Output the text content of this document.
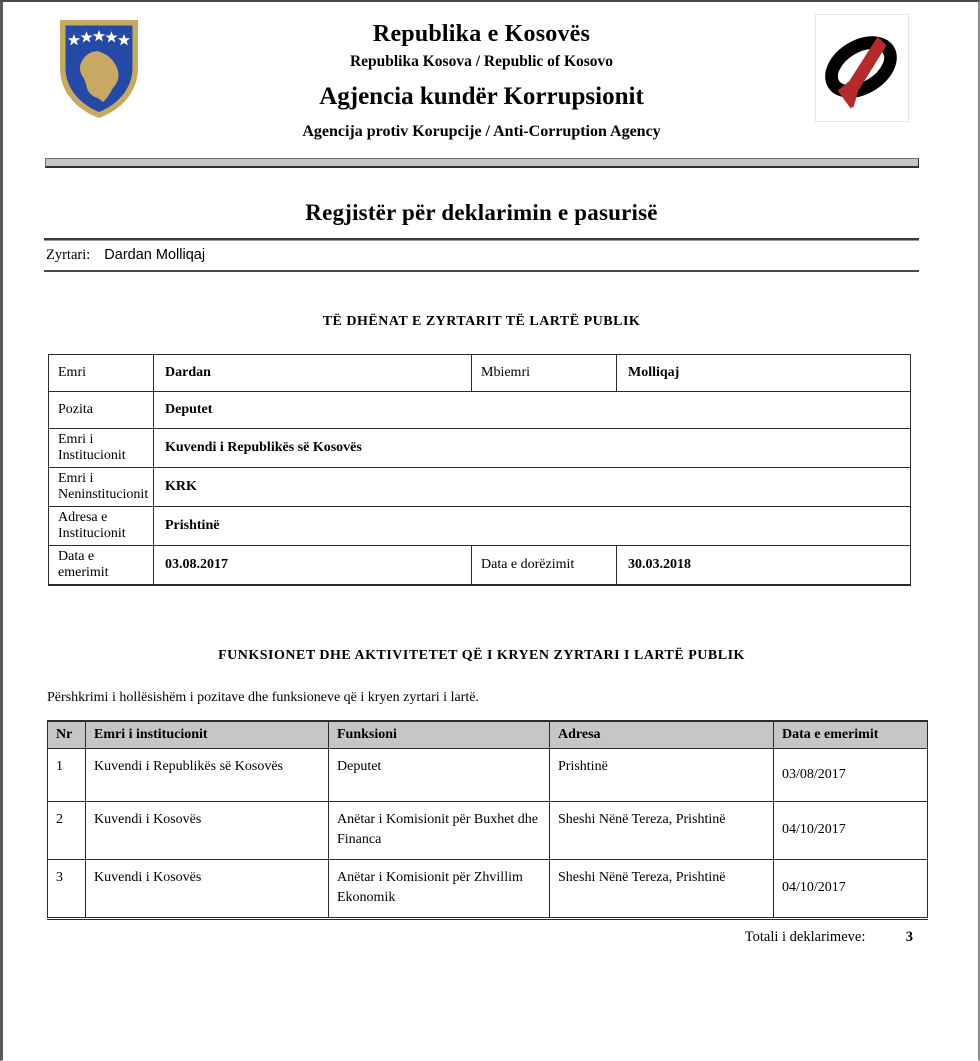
Republika e Kosovës
Republika Kosova / Republic of Kosovo
Agjencia kundër Korrupsionit
Agencija protiv Korupcije / Anti-Corruption Agency
Regjistër për deklarimin e pasurisë
Zyrtari: Dardan Molliqaj
TË DHËNAT E ZYRTARIT TË LARTË PUBLIK
Emri	Dardan	Mbiemri	Molliqaj
Pozita	Deputet		
Emri i Institucionit	Kuvendi i Republikës së Kosovës		
Emri i Neninstitucionit	KRK		
Adresa e Institucionit	Prishtinë		
Data e emerimit	03.08.2017	Data e dorëzimit	30.03.2018
FUNKSIONET DHE AKTIVITETET QË I KRYEN ZYRTARI I LARTË PUBLIK
Përshkrimi i hollësishëm i pozitave dhe funksioneve që i kryen zyrtari i lartë.
Nr	Emri i institucionit	Funksioni	Adresa	Data e emerimit
1	Kuvendi i Republikës së Kosovës	Deputet	Prishtinë	03/08/2017
2	Kuvendi i Kosovës	Anëtar i Komisionit për Buxhet dhe Financa	Sheshi Nënë Tereza, Prishtinë	04/10/2017
3	Kuvendi i Kosovës	Anëtar i Komisionit për Zhvillim Ekonomik	Sheshi Nënë Tereza, Prishtinë	04/10/2017
Totali i deklarimeve:	3
